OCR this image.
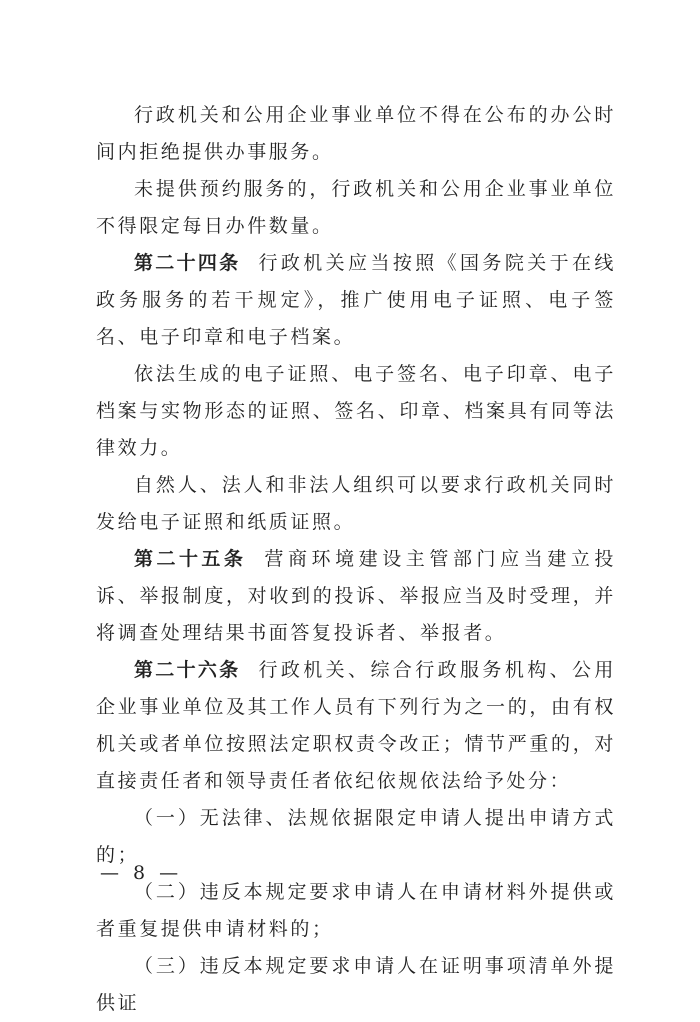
行政机关和公用企业事业单位不得在公布的办公时间内拒绝提供办事服务。

未提供预约服务的，行政机关和公用企业事业单位不得限定每日办件数量。

第二十四条 行政机关应当按照《国务院关于在线政务服务的若干规定》，推广使用电子证照、电子签名、电子印章和电子档案。

依法生成的电子证照、电子签名、电子印章、电子档案与实物形态的证照、签名、印章、档案具有同等法律效力。

自然人、法人和非法人组织可以要求行政机关同时发给电子证照和纸质证照。

第二十五条 营商环境建设主管部门应当建立投诉、举报制度，对收到的投诉、举报应当及时受理，并将调查处理结果书面答复投诉者、举报者。

第二十六条 行政机关、综合行政服务机构、公用企业事业单位及其工作人员有下列行为之一的，由有权机关或者单位按照法定职权责令改正；情节严重的，对直接责任者和领导责任者依纪依规依法给予处分：

（一）无法律、法规依据限定申请人提出申请方式的；

（二）违反本规定要求申请人在申请材料外提供或者重复提供申请材料的；

（三）违反本规定要求申请人在证明事项清单外提供证

— 8 —
